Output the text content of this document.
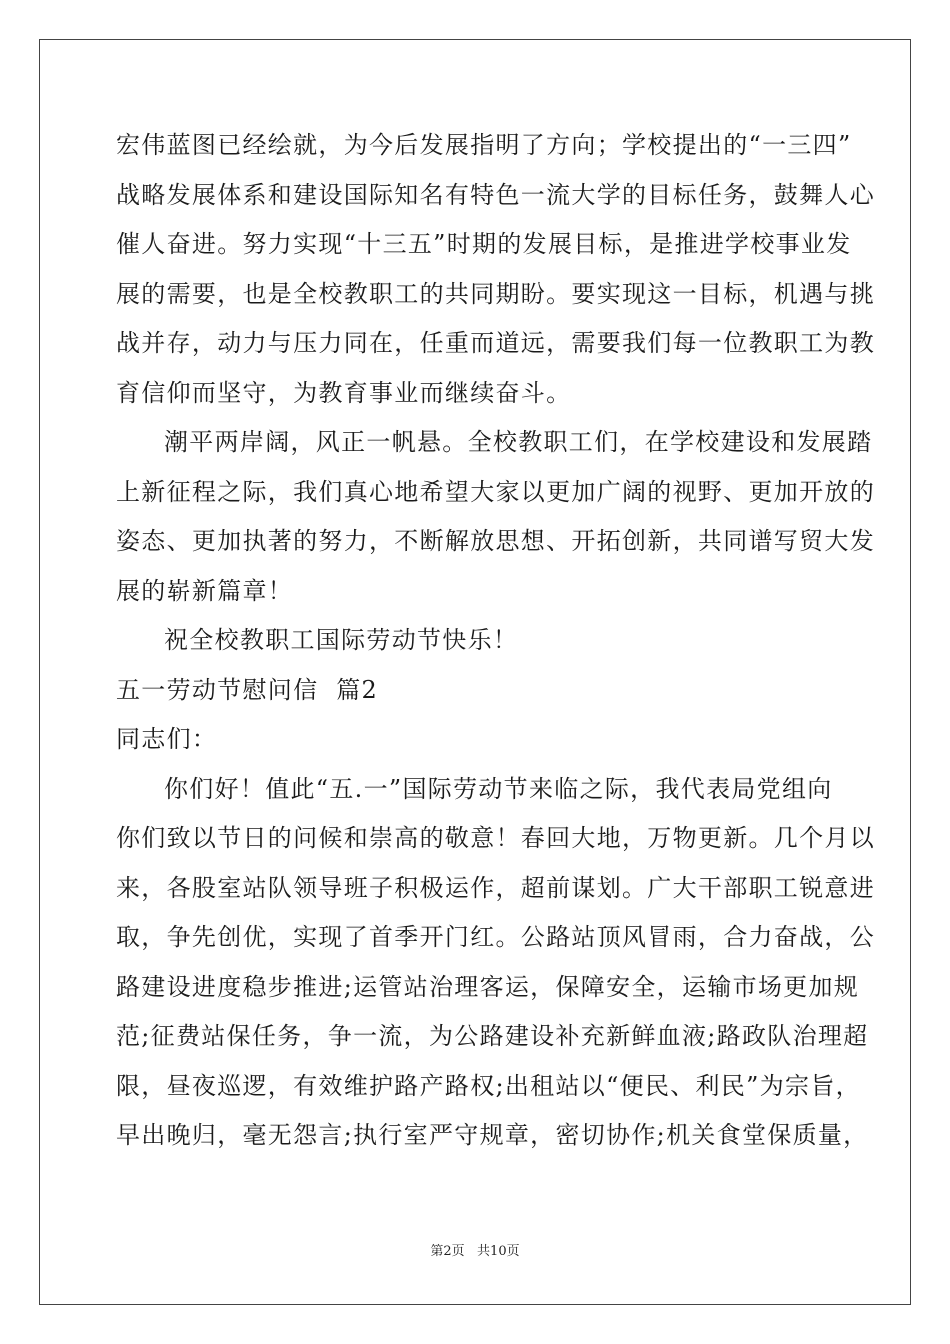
宏伟蓝图已经绘就，为今后发展指明了方向；学校提出的“一三四”
战略发展体系和建设国际知名有特色一流大学的目标任务，鼓舞人心
催人奋进。努力实现“十三五”时期的发展目标，是推进学校事业发
展的需要，也是全校教职工的共同期盼。要实现这一目标，机遇与挑
战并存，动力与压力同在，任重而道远，需要我们每一位教职工为教
育信仰而坚守，为教育事业而继续奋斗。
潮平两岸阔，风正一帆悬。全校教职工们，在学校建设和发展踏
上新征程之际，我们真心地希望大家以更加广阔的视野、更加开放的
姿态、更加执著的努力，不断解放思想、开拓创新，共同谱写贸大发
展的崭新篇章！
祝全校教职工国际劳动节快乐！
五一劳动节慰问信  篇2
同志们：
你们好！值此“五.一”国际劳动节来临之际，我代表局党组向
你们致以节日的问候和崇高的敬意！春回大地，万物更新。几个月以
来，各股室站队领导班子积极运作，超前谋划。广大干部职工锐意进
取，争先创优，实现了首季开门红。公路站顶风冒雨，合力奋战，公
路建设进度稳步推进;运管站治理客运，保障安全，运输市场更加规
范;征费站保任务，争一流，为公路建设补充新鲜血液;路政队治理超
限，昼夜巡逻，有效维护路产路权;出租站以“便民、利民”为宗旨，
早出晚归，毫无怨言;执行室严守规章，密切协作;机关食堂保质量，
第2页   共10页
